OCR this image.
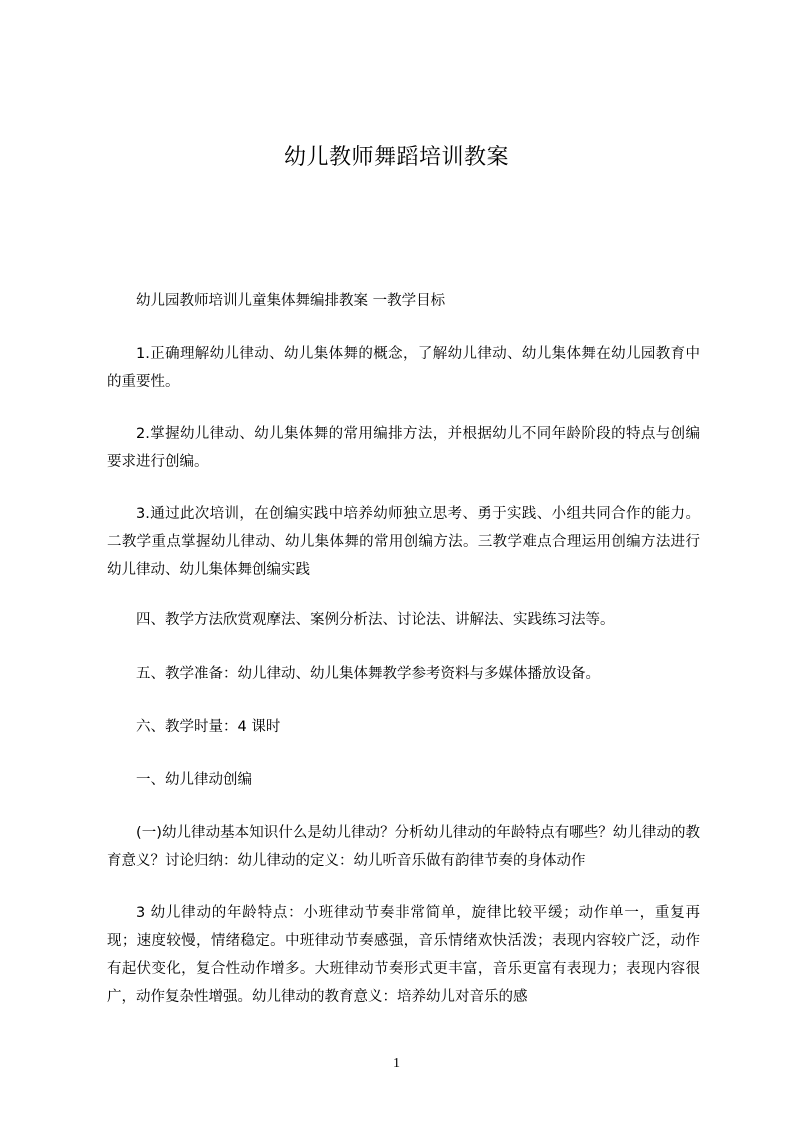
幼儿教师舞蹈培训教案

幼儿园教师培训儿童集体舞编排教案 一教学目标

1.正确理解幼儿律动、幼儿集体舞的概念，了解幼儿律动、幼儿集体舞在幼儿园教育中的重要性。

2.掌握幼儿律动、幼儿集体舞的常用编排方法，并根据幼儿不同年龄阶段的特点与创编要求进行创编。

3.通过此次培训，在创编实践中培养幼师独立思考、勇于实践、小组共同合作的能力。二教学重点掌握幼儿律动、幼儿集体舞的常用创编方法。三教学难点合理运用创编方法进行幼儿律动、幼儿集体舞创编实践

四、教学方法欣赏观摩法、案例分析法、讨论法、讲解法、实践练习法等。

五、教学准备：幼儿律动、幼儿集体舞教学参考资料与多媒体播放设备。

六、教学时量：4 课时

一、幼儿律动创编

(一)幼儿律动基本知识什么是幼儿律动？分析幼儿律动的年龄特点有哪些？幼儿律动的教育意义？讨论归纳：幼儿律动的定义：幼儿听音乐做有韵律节奏的身体动作

3 幼儿律动的年龄特点：小班律动节奏非常简单，旋律比较平缓；动作单一，重复再现；速度较慢，情绪稳定。中班律动节奏感强，音乐情绪欢快活泼；表现内容较广泛，动作有起伏变化，复合性动作增多。大班律动节奏形式更丰富，音乐更富有表现力；表现内容很广，动作复杂性增强。幼儿律动的教育意义：培养幼儿对音乐的感

1
